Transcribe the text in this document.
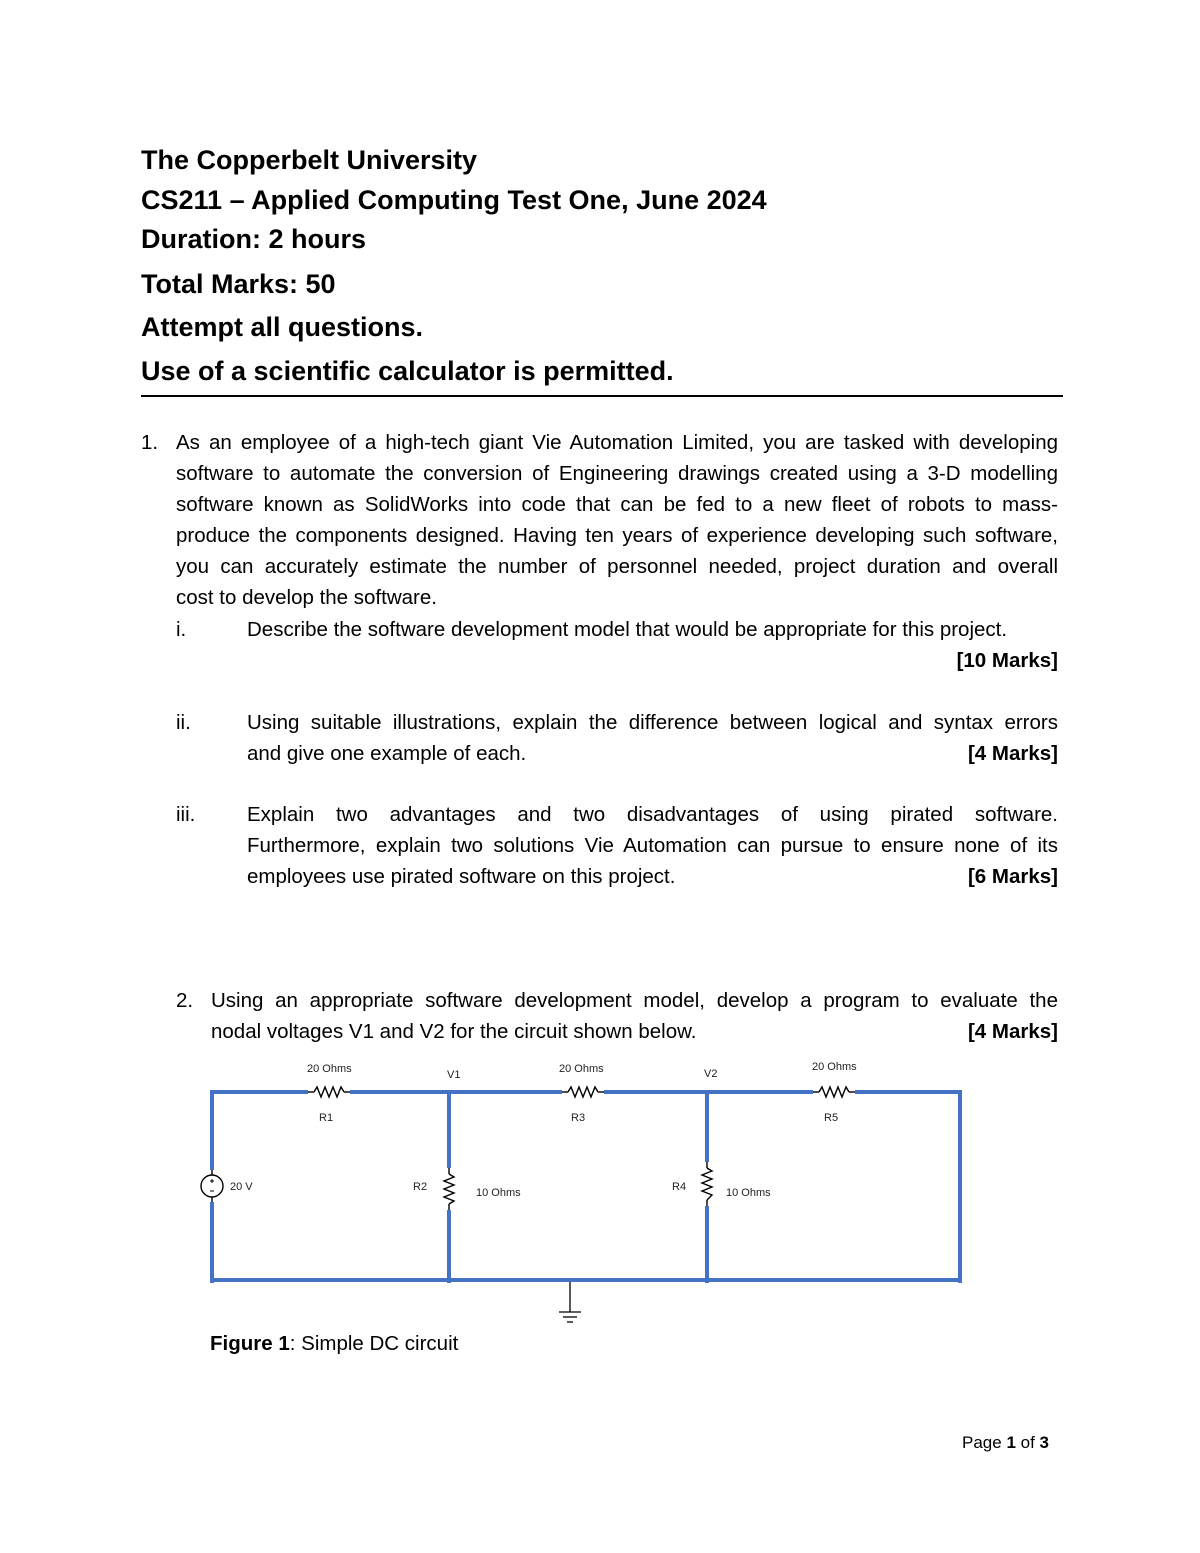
The Copperbelt University
CS211 – Applied Computing Test One, June 2024
Duration: 2 hours
Total Marks: 50
Attempt all questions.
Use of a scientific calculator is permitted.
1. As an employee of a high-tech giant Vie Automation Limited, you are tasked with developing
software to automate the conversion of Engineering drawings created using a 3-D modelling
software known as SolidWorks into code that can be fed to a new fleet of robots to mass-
produce the components designed. Having ten years of experience developing such software,
you can accurately estimate the number of personnel needed, project duration and overall
cost to develop the software.
i.	Describe the software development model that would be appropriate for this project.
[10 Marks]
ii.	Using suitable illustrations, explain the difference between logical and syntax errors
and give one example of each.	[4 Marks]
iii.	Explain two advantages and two disadvantages of using pirated software.
Furthermore, explain two solutions Vie Automation can pursue to ensure none of its
employees use pirated software on this project.	[6 Marks]
2. Using an appropriate software development model, develop a program to evaluate the
nodal voltages V1 and V2 for the circuit shown below.	[4 Marks]
20 Ohms
R1
V1	20 Ohms
R3
V2
20 Ohms
R5
20 V	R2	10 Ohms	R4	10 Ohms
Figure 1: Simple DC circuit
Page 1 of 3
